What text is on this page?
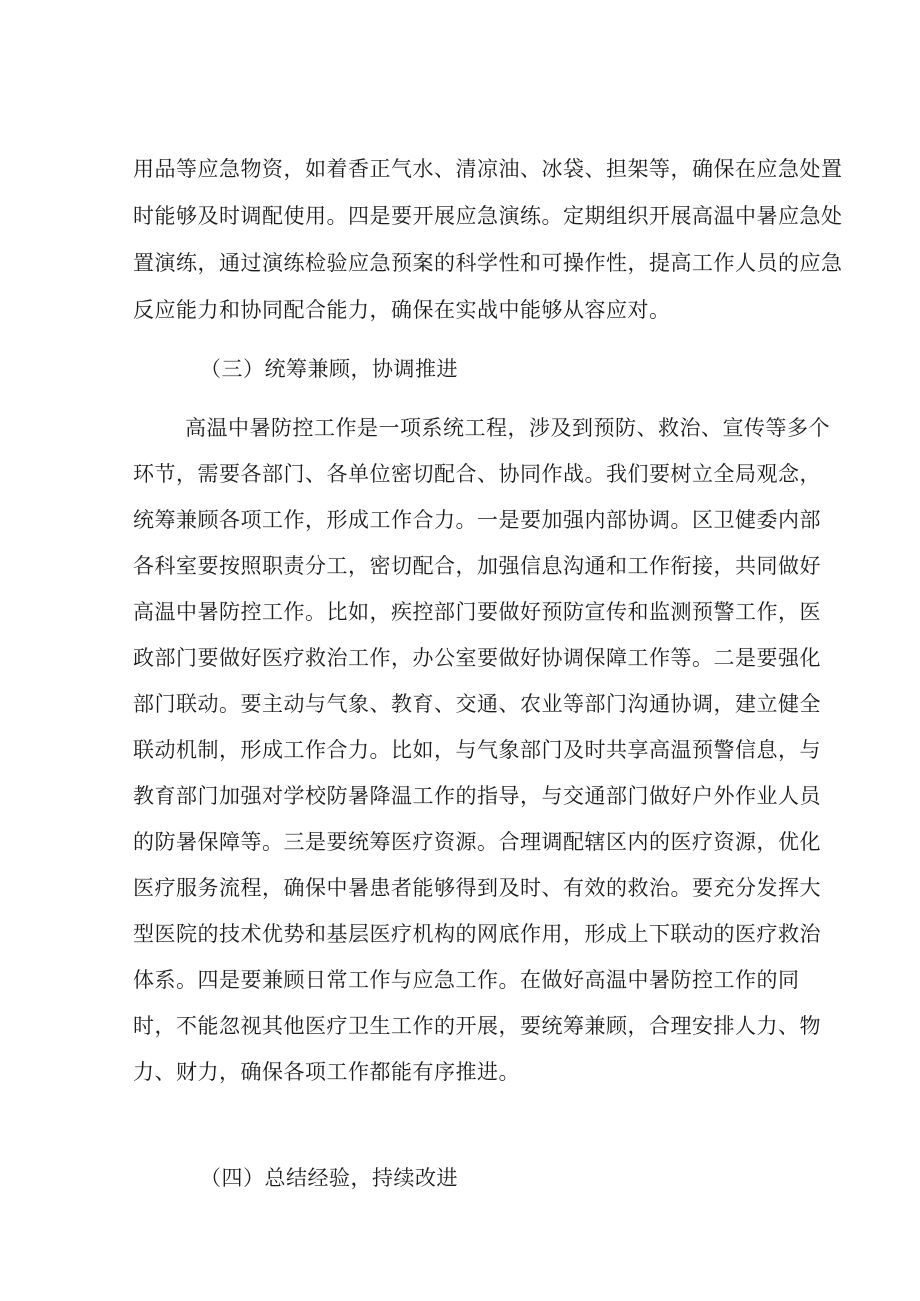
用品等应急物资，如着香正气水、清凉油、冰袋、担架等，确保在应急处置
时能够及时调配使用。四是要开展应急演练。定期组织开展高温中暑应急处
置演练，通过演练检验应急预案的科学性和可操作性，提高工作人员的应急
反应能力和协同配合能力，确保在实战中能够从容应对。
（三）统筹兼顾，协调推进
高温中暑防控工作是一项系统工程，涉及到预防、救治、宣传等多个
环节，需要各部门、各单位密切配合、协同作战。我们要树立全局观念，
统筹兼顾各项工作，形成工作合力。一是要加强内部协调。区卫健委内部
各科室要按照职责分工，密切配合，加强信息沟通和工作衔接，共同做好
高温中暑防控工作。比如，疾控部门要做好预防宣传和监测预警工作，医
政部门要做好医疗救治工作，办公室要做好协调保障工作等。二是要强化
部门联动。要主动与气象、教育、交通、农业等部门沟通协调，建立健全
联动机制，形成工作合力。比如，与气象部门及时共享高温预警信息，与
教育部门加强对学校防暑降温工作的指导，与交通部门做好户外作业人员
的防暑保障等。三是要统筹医疗资源。合理调配辖区内的医疗资源，优化
医疗服务流程，确保中暑患者能够得到及时、有效的救治。要充分发挥大
型医院的技术优势和基层医疗机构的网底作用，形成上下联动的医疗救治
体系。四是要兼顾日常工作与应急工作。在做好高温中暑防控工作的同
时，不能忽视其他医疗卫生工作的开展，要统筹兼顾，合理安排人力、物
力、财力，确保各项工作都能有序推进。
（四）总结经验，持续改进
